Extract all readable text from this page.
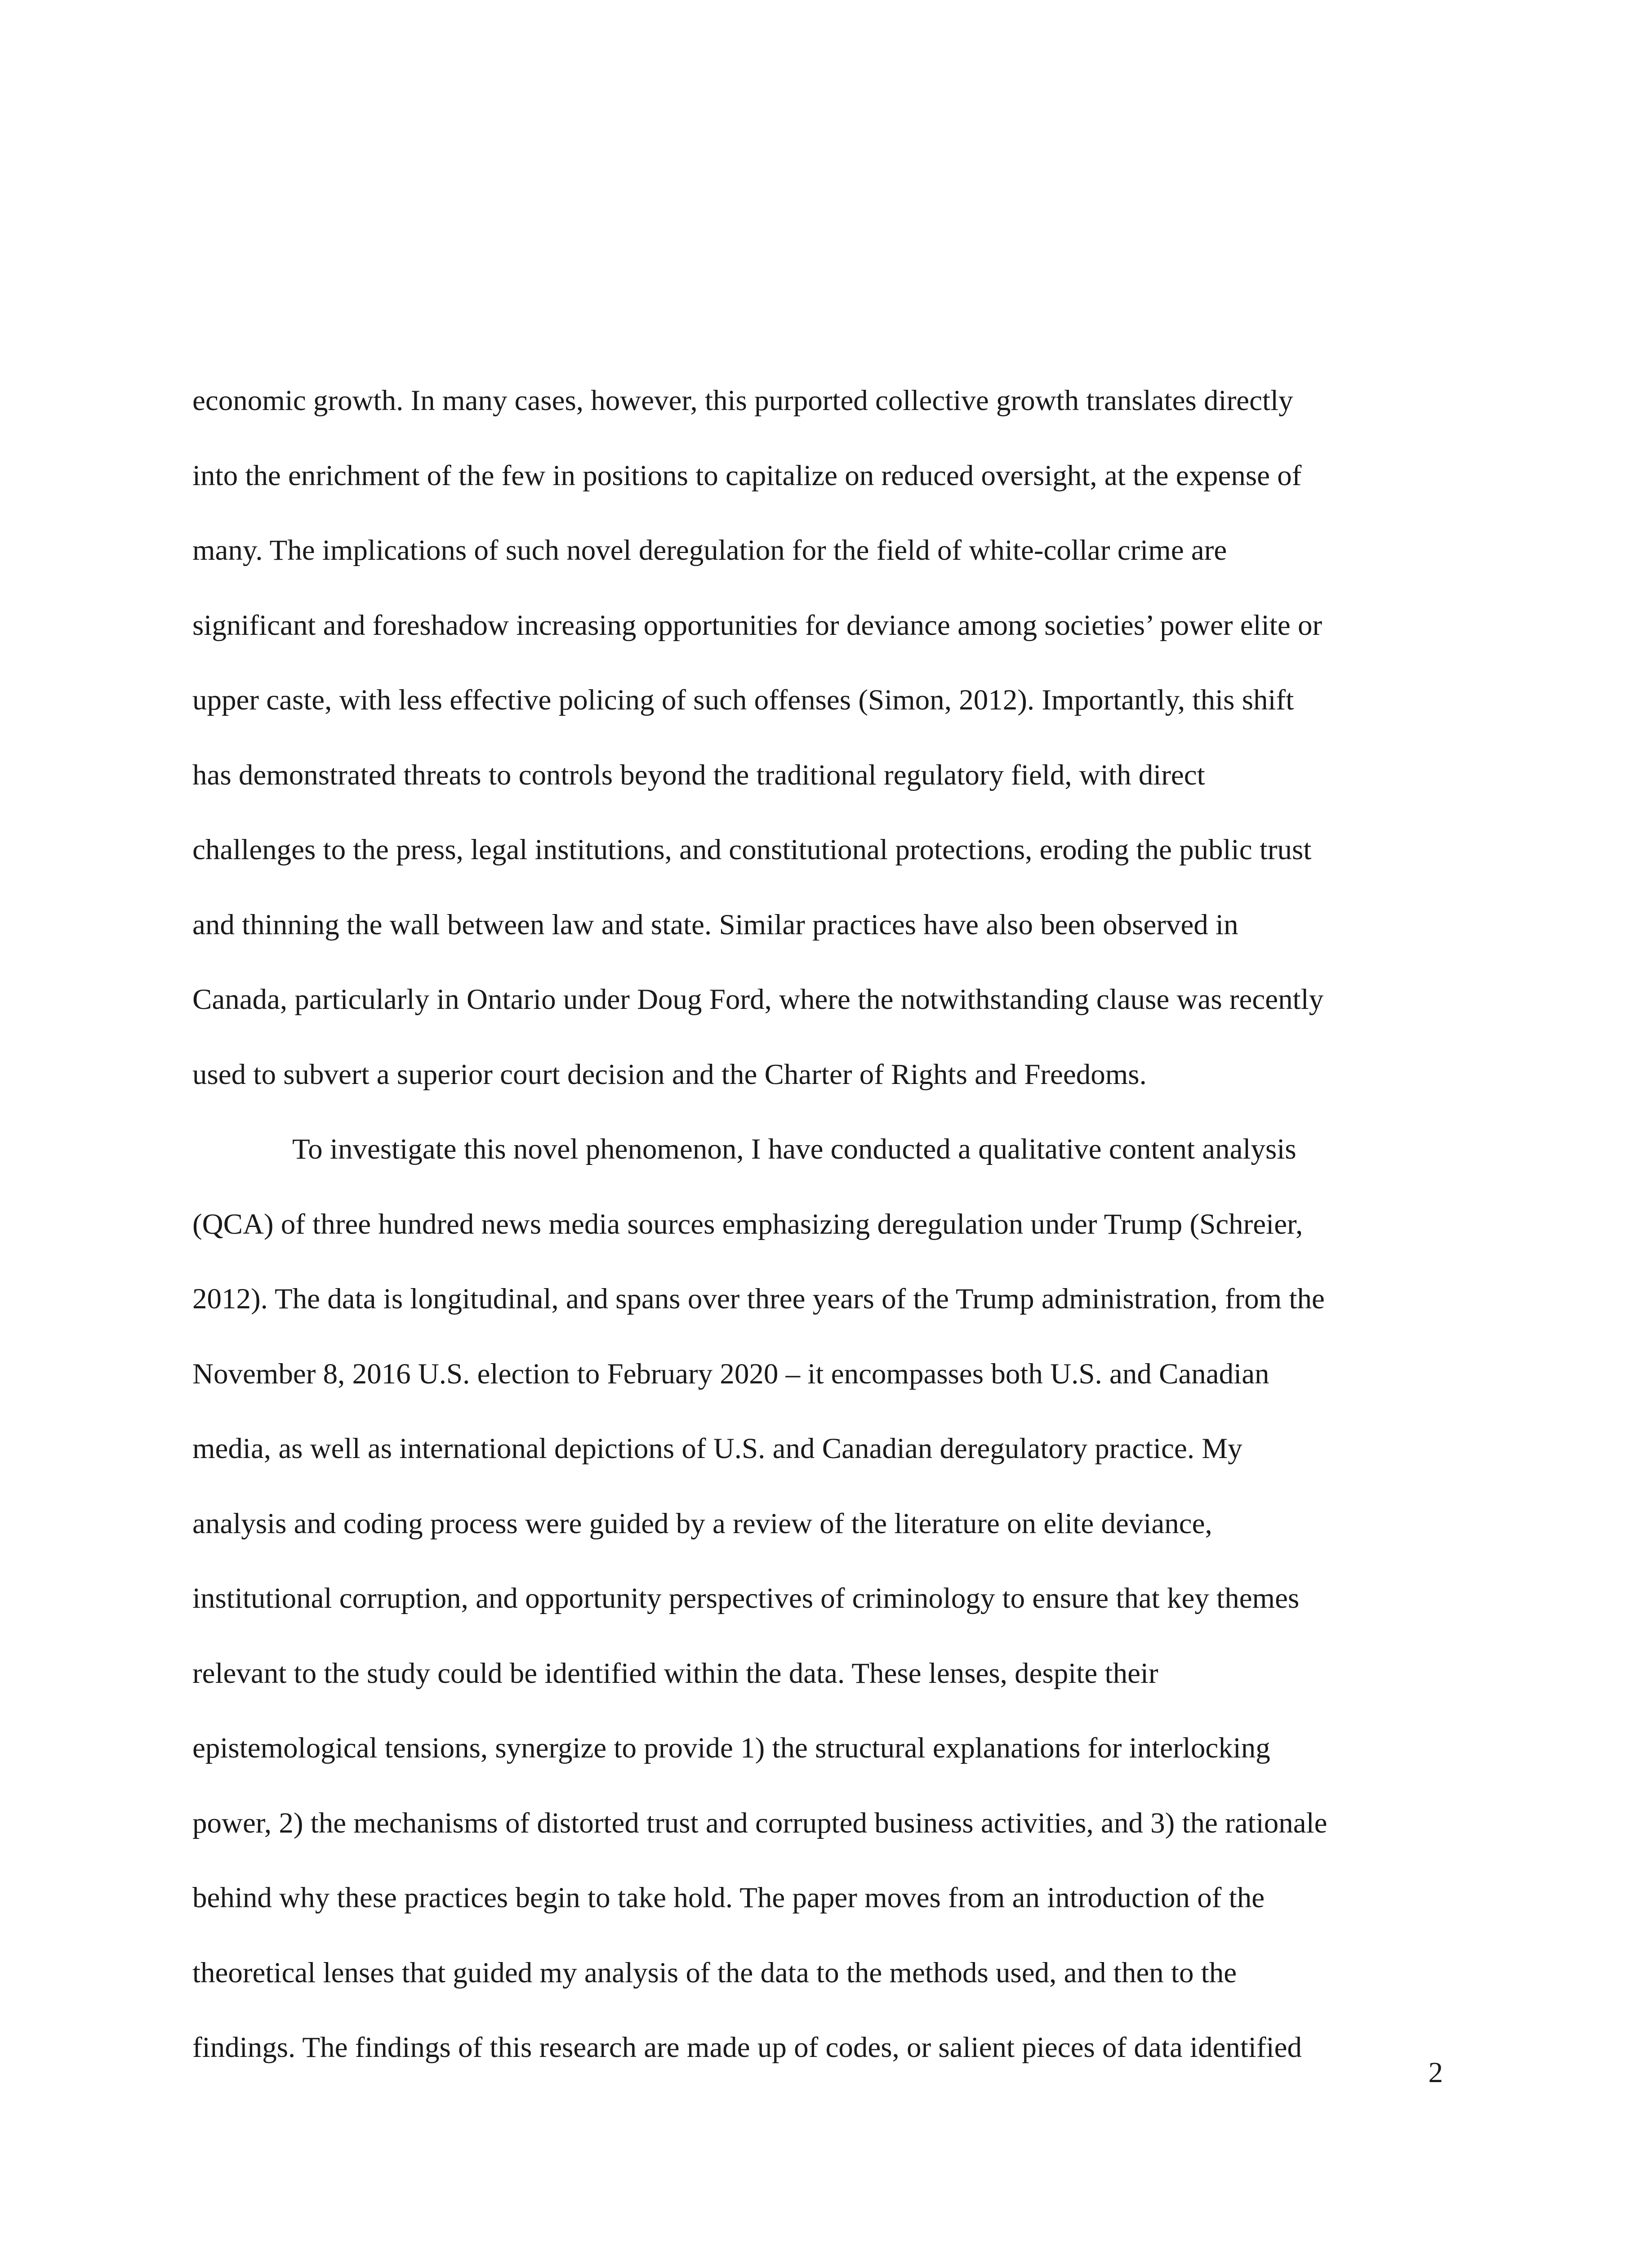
economic growth. In many cases, however, this purported collective growth translates directly
into the enrichment of the few in positions to capitalize on reduced oversight, at the expense of
many. The implications of such novel deregulation for the field of white-collar crime are
significant and foreshadow increasing opportunities for deviance among societies’ power elite or
upper caste, with less effective policing of such offenses (Simon, 2012). Importantly, this shift
has demonstrated threats to controls beyond the traditional regulatory field, with direct
challenges to the press, legal institutions, and constitutional protections, eroding the public trust
and thinning the wall between law and state. Similar practices have also been observed in
Canada, particularly in Ontario under Doug Ford, where the notwithstanding clause was recently
used to subvert a superior court decision and the Charter of Rights and Freedoms.
To investigate this novel phenomenon, I have conducted a qualitative content analysis
(QCA) of three hundred news media sources emphasizing deregulation under Trump (Schreier,
2012). The data is longitudinal, and spans over three years of the Trump administration, from the
November 8, 2016 U.S. election to February 2020 – it encompasses both U.S. and Canadian
media, as well as international depictions of U.S. and Canadian deregulatory practice. My
analysis and coding process were guided by a review of the literature on elite deviance,
institutional corruption, and opportunity perspectives of criminology to ensure that key themes
relevant to the study could be identified within the data. These lenses, despite their
epistemological tensions, synergize to provide 1) the structural explanations for interlocking
power, 2) the mechanisms of distorted trust and corrupted business activities, and 3) the rationale
behind why these practices begin to take hold. The paper moves from an introduction of the
theoretical lenses that guided my analysis of the data to the methods used, and then to the
findings. The findings of this research are made up of codes, or salient pieces of data identified
2
